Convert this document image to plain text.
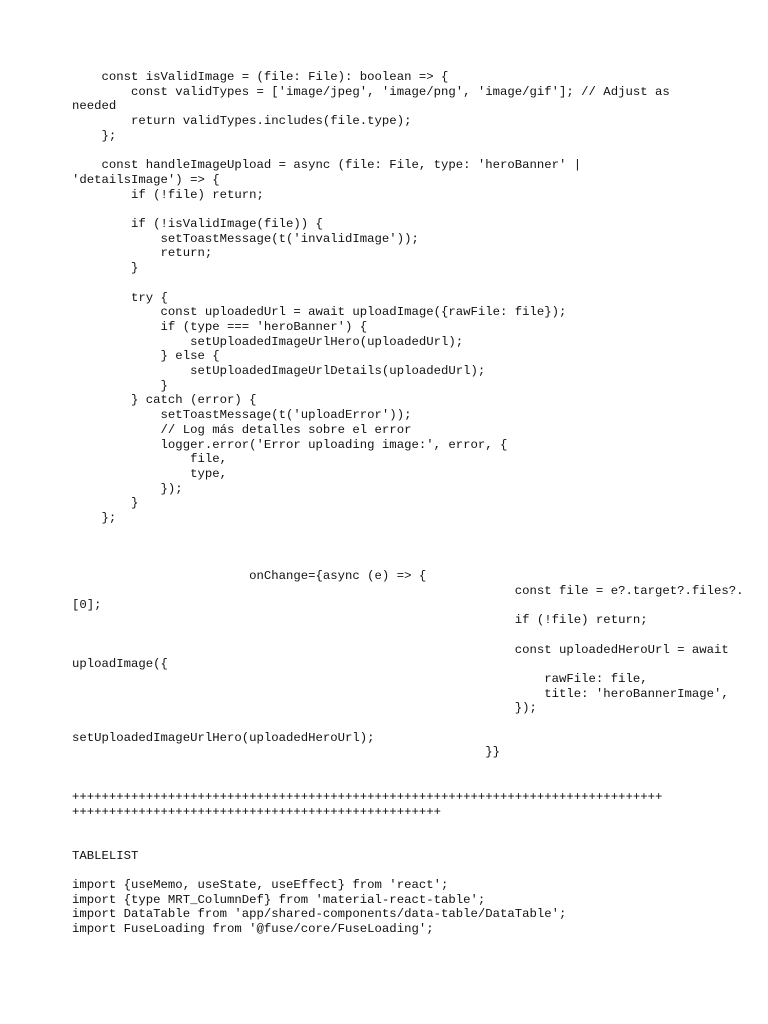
const isValidImage = (file: File): boolean => {
const validTypes = ['image/jpeg', 'image/png', 'image/gif']; // Adjust as
needed
return validTypes.includes(file.type);
};

const handleImageUpload = async (file: File, type: 'heroBanner' |
'detailsImage') => {
if (!file) return;

if (!isValidImage(file)) {
setToastMessage(t('invalidImage'));
return;
}

try {
const uploadedUrl = await uploadImage({rawFile: file});
if (type === 'heroBanner') {
setUploadedImageUrlHero(uploadedUrl);
} else {
setUploadedImageUrlDetails(uploadedUrl);
}
} catch (error) {
setToastMessage(t('uploadError'));
// Log más detalles sobre el error
logger.error('Error uploading image:', error, {
file,
type,
});
}
};
onChange={async (e) => {
const file = e?.target?.files?.
[0];
if (!file) return;

const uploadedHeroUrl = await
uploadImage({
rawFile: file,
title: 'heroBannerImage',
});

setUploadedImageUrlHero(uploadedHeroUrl);
}}
++++++++++++++++++++++++++++++++++++++++++++++++++++++++++++++++++++++++++++++++
++++++++++++++++++++++++++++++++++++++++++++++++++
TABLELIST
import {useMemo, useState, useEffect} from 'react';
import {type MRT_ColumnDef} from 'material-react-table';
import DataTable from 'app/shared-components/data-table/DataTable';
import FuseLoading from '@fuse/core/FuseLoading';
